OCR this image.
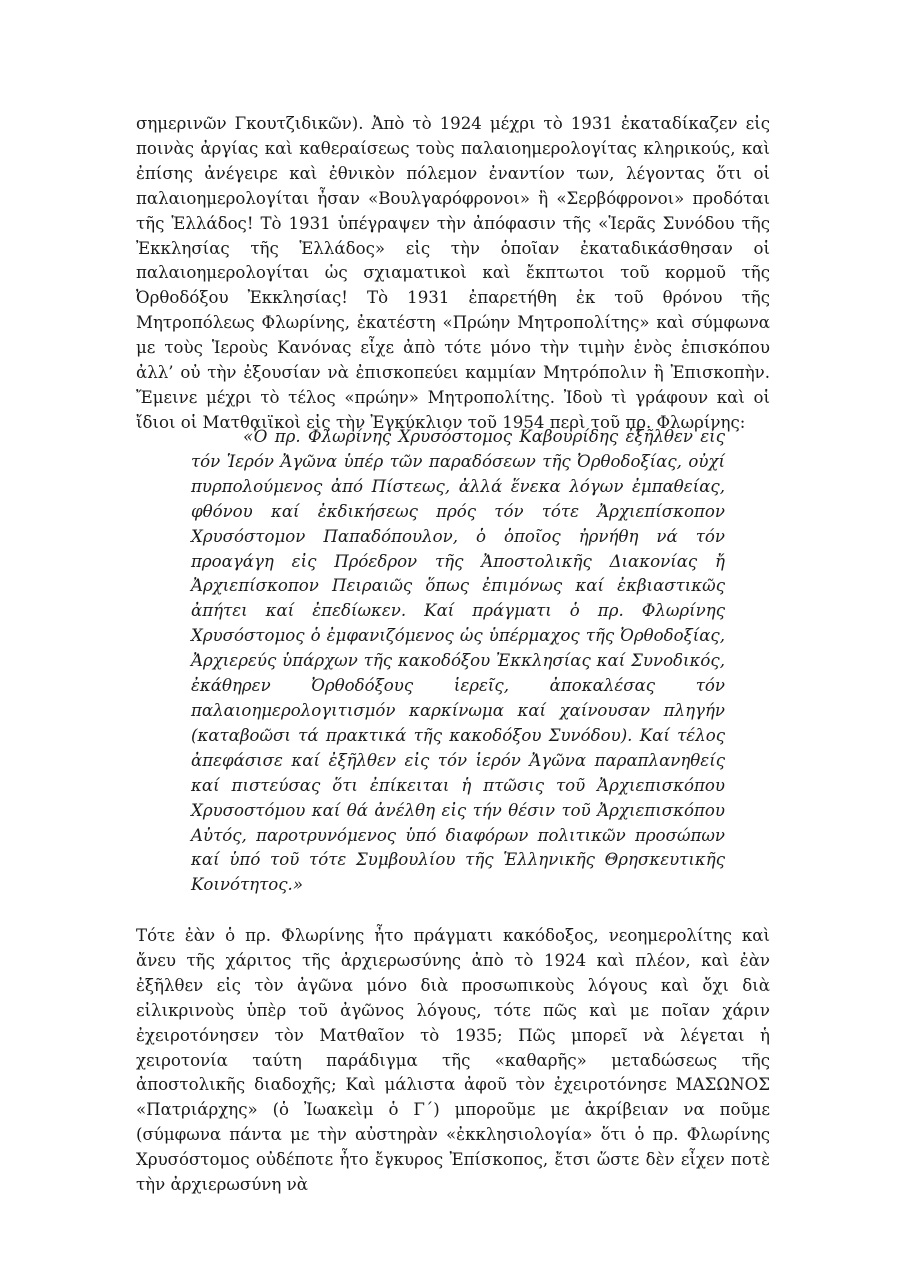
σημερινῶν Γκουτζιδικῶν). Ἀπὸ τὸ 1924 μέχρι τὸ 1931 ἐκαταδίκαζεν εἰς ποινὰς ἀργίας καὶ καθεραίσεως τοὺς παλαιοημερολογίτας κληρικούς, καὶ ἐπίσης ἀνέγειρε καὶ ἐθνικὸν πόλεμον ἐναντίον των, λέγοντας ὅτι οἱ παλαιοημερολογίται ἦσαν «Βουλγαρόφρονοι» ἢ «Σερβόφρονοι» προδόται τῆς Ἑλλάδος! Τὸ 1931 ὑπέγραψεν τὴν ἀπόφασιν τῆς «Ἱερᾶς Συνόδου τῆς Ἐκκλησίας τῆς Ἑλλάδος» εἰς τὴν ὁποῖαν ἐκαταδικάσθησαν οἱ παλαιοημερολογίται ὡς σχιαματικοὶ καὶ ἔκπτωτοι τοῦ κορμοῦ τῆς Ὀρθοδόξου Ἐκκλησίας! Τὸ 1931 ἐπαρετήθη ἐκ τοῦ θρόνου τῆς Μητροπόλεως Φλωρίνης, ἐκατέστη «Πρώην Μητροπολίτης» καὶ σύμφωνα με τοὺς Ἱεροὺς Κανόνας εἶχε ἀπὸ τότε μόνο τὴν τιμὴν ἑνὸς ἐπισκόπου ἀλλ’ οὐ τὴν ἐξουσίαν νὰ ἐπισκοπεύει καμμίαν Μητρόπολιν ἢ Ἐπισκοπὴν. Ἔμεινε μέχρι τὸ τέλος «πρώην» Μητροπολίτης. Ἰδοὺ τὶ γράφουν καὶ οἱ ἴδιοι οἱ Ματθαιϊκοὶ εἰς τὴν Ἐγκύκλιον τοῦ 1954 περὶ τοῦ πρ. Φλωρίνης:

«Ὁ πρ. Φλωρίνης Χρυσόστομος Καβουρίδης ἐξῆλθεν εἰς τόν Ἱερόν Ἀγῶνα ὑπέρ τῶν παραδόσεων τῆς Ὀρθοδοξίας, οὐχί πυρπολούμενος ἀπό Πίστεως, ἀλλά ἕνεκα λόγων ἐμπαθείας, φθόνου καί ἐκδικήσεως πρός τόν τότε Ἀρχιεπίσκοπον Χρυσόστομον Παπαδόπουλον, ὁ ὁποῖος ἠρνήθη νά τόν προαγάγη εἰς Πρόεδρον τῆς Ἀποστολικῆς Διακονίας ἤ Ἀρχιεπίσκοπον Πειραιῶς ὅπως ἐπιμόνως καί ἐκβιαστικῶς ἀπήτει καί ἐπεδίωκεν. Καί πράγματι ὁ πρ. Φλωρίνης Χρυσόστομος ὁ ἐμφανιζόμενος ὡς ὑπέρμαχος τῆς Ὀρθοδοξίας, Ἀρχιερεύς ὑπάρχων τῆς κακοδόξου Ἐκκλησίας καί Συνοδικός, ἐκάθηρεν Ὀρθοδόξους ἱερεῖς, ἀποκαλέσας τόν παλαιοημερολογιτισμόν καρκίνωμα καί χαίνουσαν πληγήν (καταβοῶσι τά πρακτικά τῆς κακοδόξου Συνόδου). Καί τέλος ἀπεφάσισε καί ἐξῆλθεν εἰς τόν ἱερόν Ἀγῶνα παραπλανηθείς καί πιστεύσας ὅτι ἐπίκειται ἡ πτῶσις τοῦ Ἀρχιεπισκόπου Χρυσοστόμου καί θά ἀνέλθη εἰς τήν θέσιν τοῦ Ἀρχιεπισκόπου Αὐτός, παροτρυνόμενος ὑπό διαφόρων πολιτικῶν προσώπων καί ὑπό τοῦ τότε Συμβουλίου τῆς Ἑλληνικῆς Θρησκευτικῆς Κοινότητος.»

Τότε ἐὰν ὁ πρ. Φλωρίνης ἦτο πράγματι κακόδοξος, νεοημερολίτης καὶ ἄνευ τῆς χάριτος τῆς ἀρχιερωσύνης ἀπὸ τὸ 1924 καὶ πλέον, καὶ ἐὰν ἐξῆλθεν εἰς τὸν ἀγῶνα μόνο διὰ προσωπικοὺς λόγους καὶ ὄχι διὰ εἰλικρινοὺς ὑπὲρ τοῦ ἀγῶνος λόγους, τότε πῶς καὶ με ποῖαν χάριν ἐχειροτόνησεν τὸν Ματθαῖον τὸ 1935; Πῶς μπορεῖ νὰ λέγεται ἡ χειροτονία ταύτη παράδιγμα τῆς «καθαρῆς» μεταδώσεως τῆς ἀποστολικῆς διαδοχῆς; Καὶ μάλιστα ἀφοῦ τὸν ἐχειροτόνησε ΜΑΣΩΝΟΣ «Πατριάρχης» (ὁ Ἰωακεὶμ ὁ Γ΄) μποροῦμε με ἀκρίβειαν να ποῦμε (σύμφωνα πάντα με τὴν αὐστηρὰν «ἐκκλησιολογία» ὅτι ὁ πρ. Φλωρίνης Χρυσόστομος οὐδέποτε ἦτο ἔγκυρος Ἐπίσκοπος, ἔτσι ὥστε δὲν εἶχεν ποτὲ τὴν ἀρχιερωσύνη νὰ
